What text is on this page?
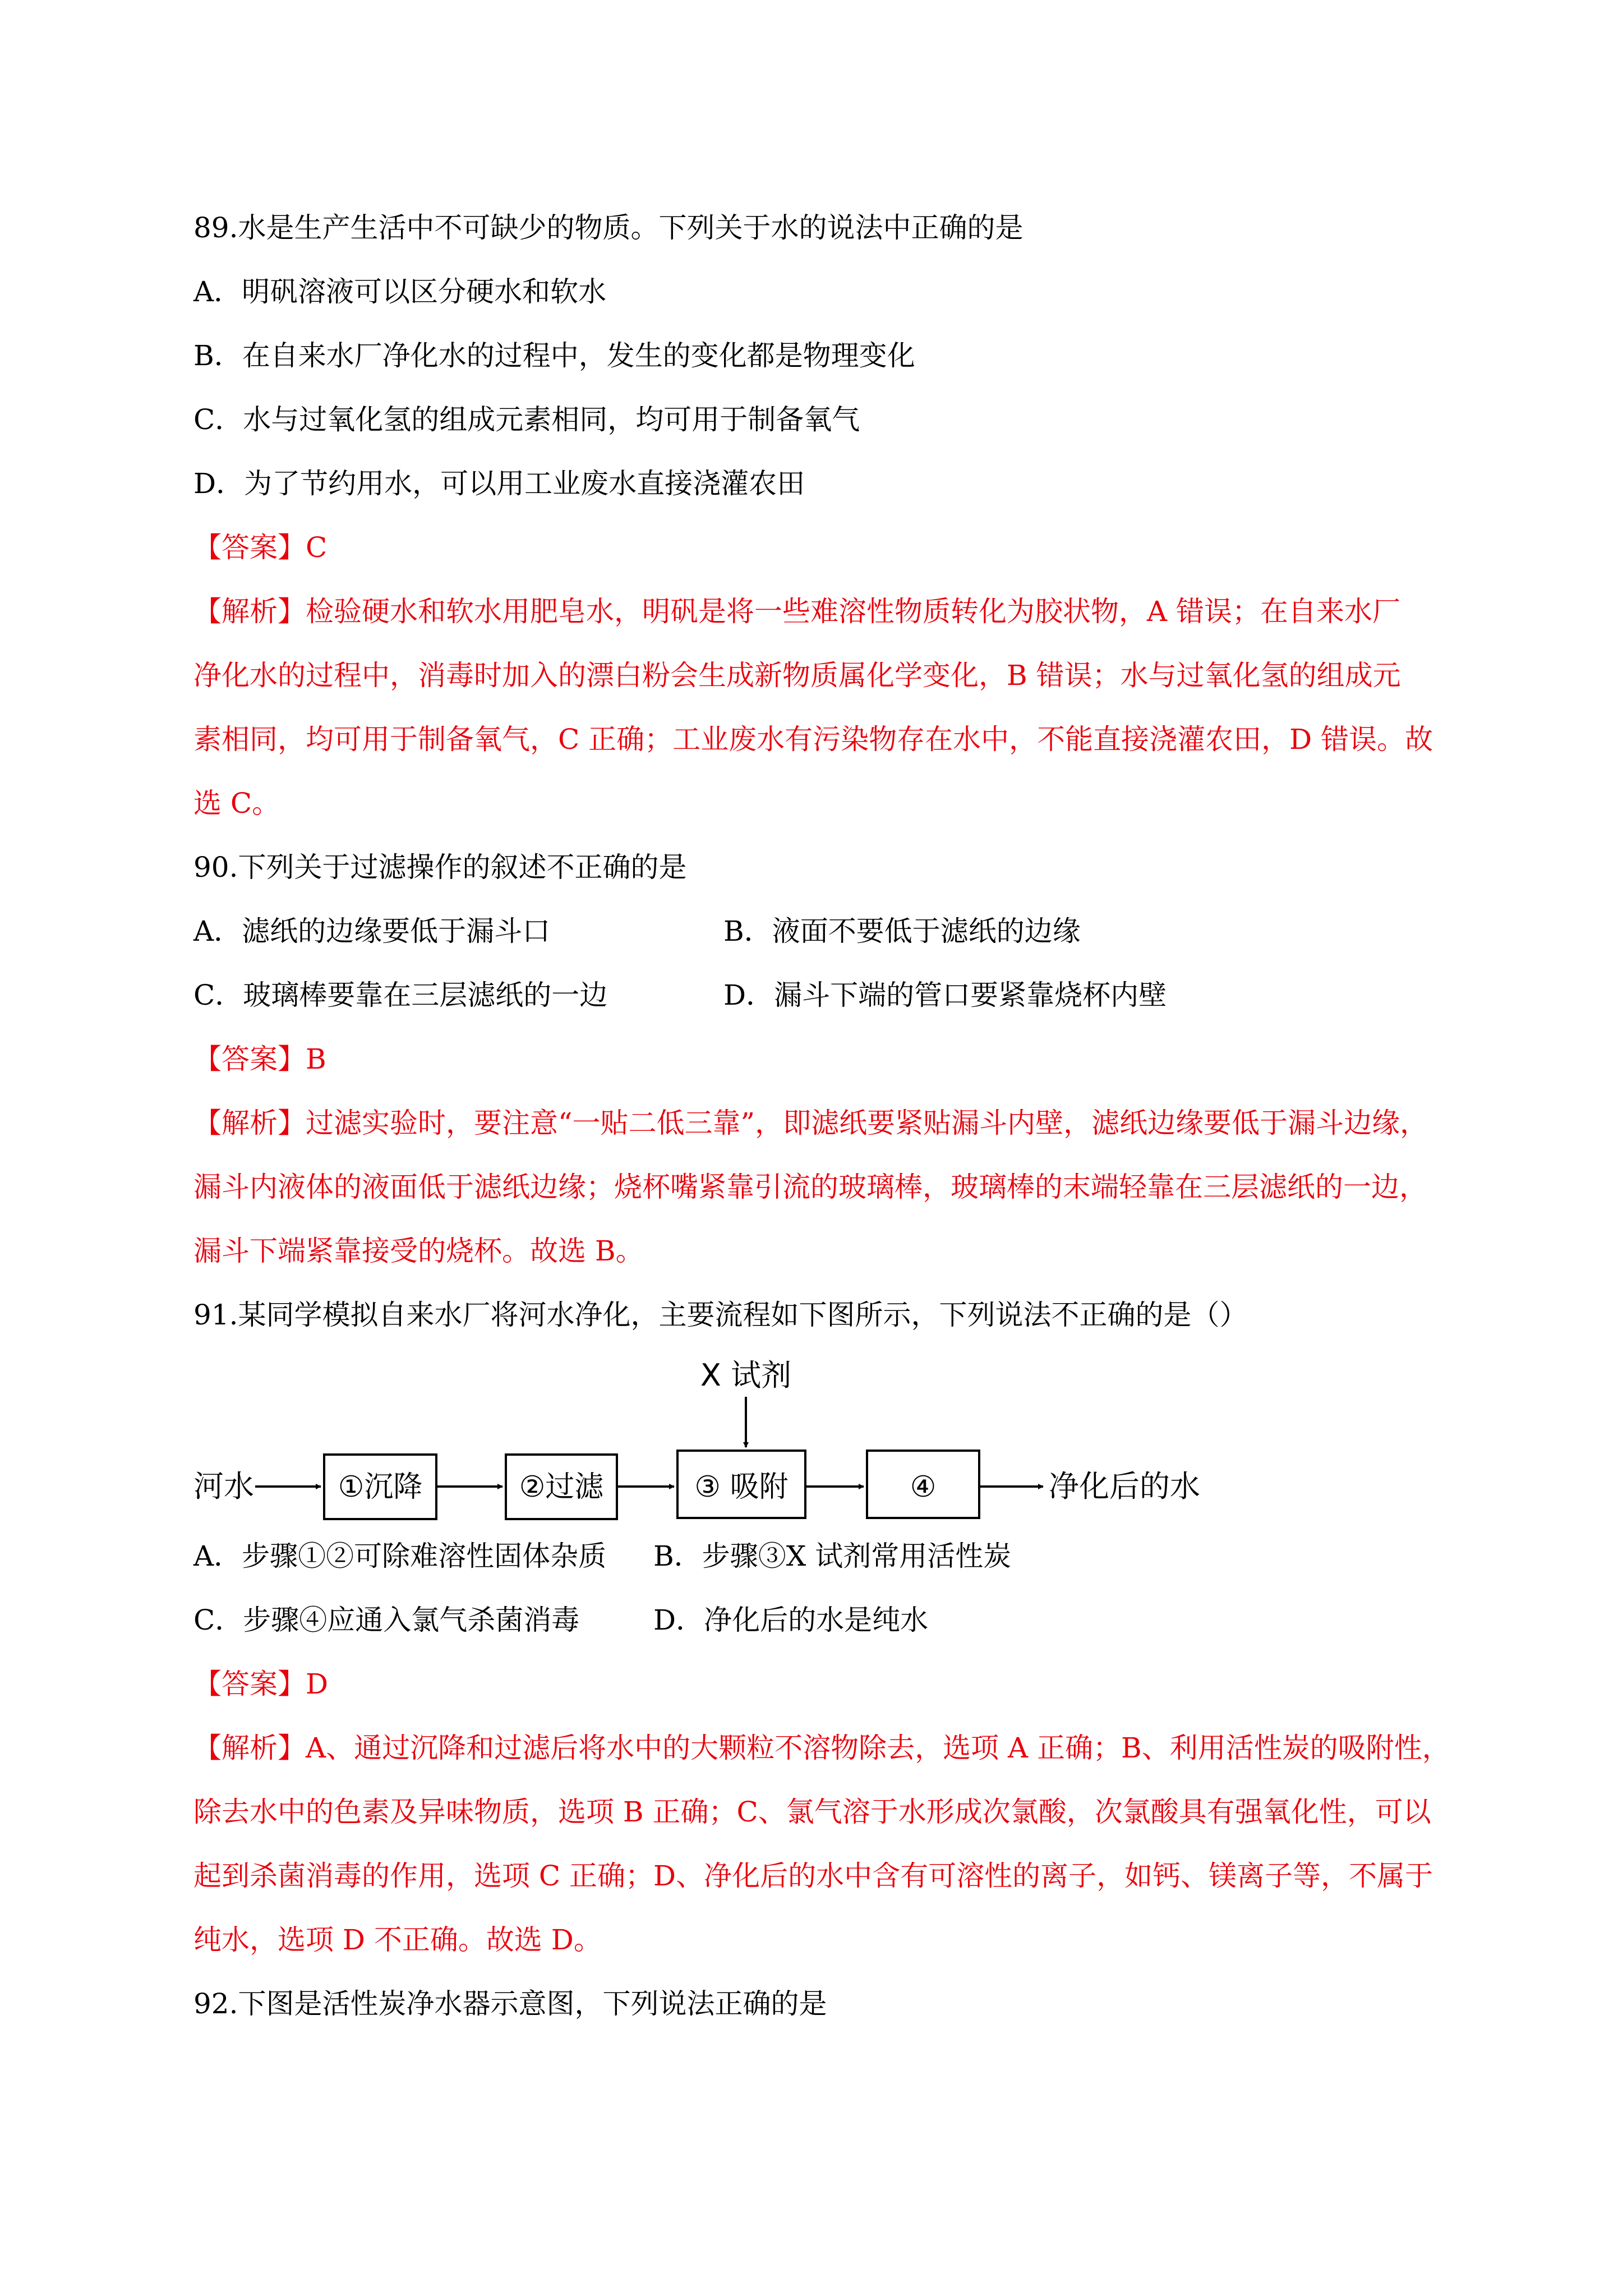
89.水是生产生活中不可缺少的物质。下列关于水的说法中正确的是
A．明矾溶液可以区分硬水和软水
B．在自来水厂净化水的过程中，发生的变化都是物理变化
C．水与过氧化氢的组成元素相同，均可用于制备氧气
D．为了节约用水，可以用工业废水直接浇灌农田
【答案】C
【解析】检验硬水和软水用肥皂水，明矾是将一些难溶性物质转化为胶状物，A 错误；在自来水厂
净化水的过程中，消毒时加入的漂白粉会生成新物质属化学变化，B 错误；水与过氧化氢的组成元
素相同，均可用于制备氧气，C 正确；工业废水有污染物存在水中，不能直接浇灌农田，D 错误。故
选 C。
90.下列关于过滤操作的叙述不正确的是
A．滤纸的边缘要低于漏斗口	B．液面不要低于滤纸的边缘
C．玻璃棒要靠在三层滤纸的一边	D．漏斗下端的管口要紧靠烧杯内壁
【答案】B
【解析】过滤实验时，要注意“一贴二低三靠”，即滤纸要紧贴漏斗内壁，滤纸边缘要低于漏斗边缘，
漏斗内液体的液面低于滤纸边缘；烧杯嘴紧靠引流的玻璃棒，玻璃棒的末端轻靠在三层滤纸的一边，
漏斗下端紧靠接受的烧杯。故选 B。
91.某同学模拟自来水厂将河水净化，主要流程如下图所示，下列说法不正确的是（）
X 试剂
河水	①沉降	②过滤	③ 吸附	④	净化后的水
A．步骤①②可除难溶性固体杂质 B．步骤③X 试剂常用活性炭
C．步骤④应通入氯气杀菌消毒	D．净化后的水是纯水
【答案】D
【解析】A、通过沉降和过滤后将水中的大颗粒不溶物除去，选项 A 正确；B、利用活性炭的吸附性，
除去水中的色素及异味物质，选项 B 正确；C、氯气溶于水形成次氯酸，次氯酸具有强氧化性，可以
起到杀菌消毒的作用，选项 C 正确；D、净化后的水中含有可溶性的离子，如钙、镁离子等，不属于
纯水，选项 D 不正确。故选 D。
92.下图是活性炭净水器示意图，下列说法正确的是
